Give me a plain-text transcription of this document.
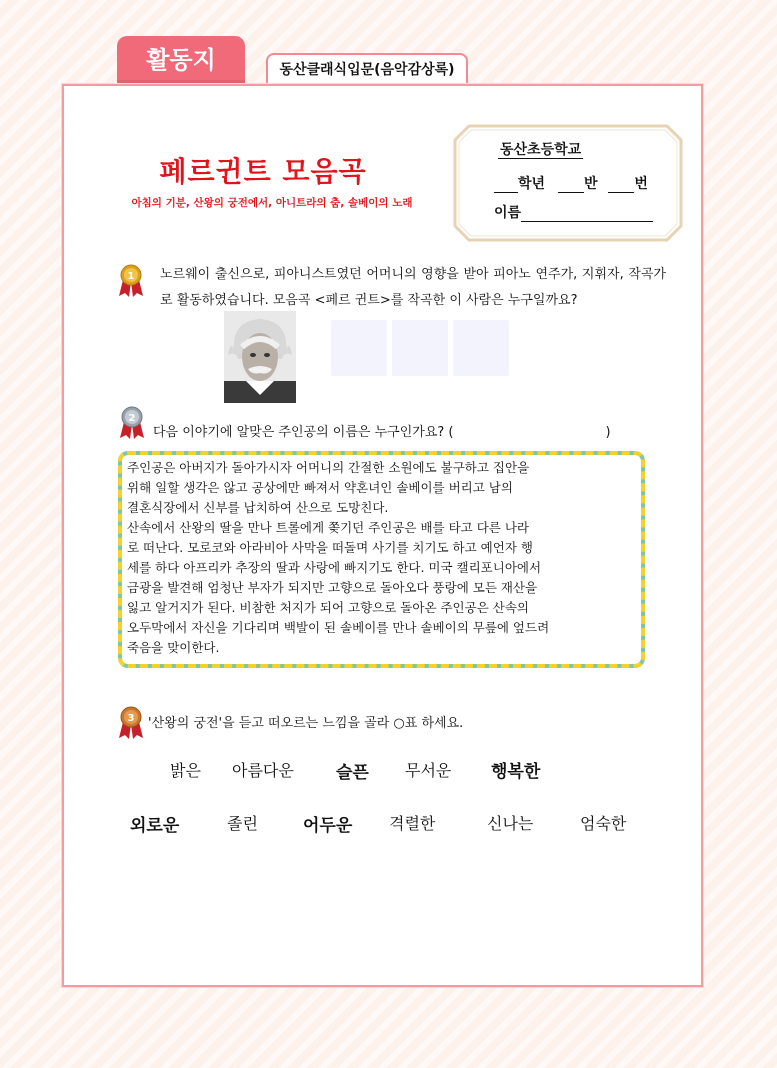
활동지	동산클래식입문(음악감상록)
페르귄트 모음곡
아침의 기분, 산왕의 궁전에서, 아니트라의 춤, 솔베이의 노래
동산초등학교
학년	반	번
이름
1 노르웨이 출신으로, 피아니스트였던 어머니의 영향을 받아 피아노 연주가, 지휘자, 작곡가로 활동하였습니다. 모음곡 <페르 귄트>를 작곡한 이 사람은 누구일까요?
2
다음 이야기에 알맞은 주인공의 이름은 누구인가요? (	)
주인공은 아버지가 돌아가시자 어머니의 간절한 소원에도 불구하고 집안을
위해 일할 생각은 않고 공상에만 빠져서 약혼녀인 솔베이를 버리고 남의
결혼식장에서 신부를 납치하여 산으로 도망친다.
산속에서 산왕의 딸을 만나 트롤에게 쫒기던 주인공은 배를 타고 다른 나라
로 떠난다. 모로코와 아라비아 사막을 떠돌며 사기를 치기도 하고 예언자 행
세를 하다 아프리카 추장의 딸과 사랑에 빠지기도 한다. 미국 캘리포니아에서
금광을 발견해 엄청난 부자가 되지만 고향으로 돌아오다 풍랑에 모든 재산을
잃고 알거지가 된다. 비참한 처지가 되어 고향으로 돌아온 주인공은 산속의
오두막에서 자신을 기다리며 백발이 된 솔베이를 만나 솔베이의 무릎에 엎드려
죽음을 맞이한다.
3 '산왕의 궁전'을 듣고 떠오르는 느낌을 골라 ○표 하세요.
밝은 아름다운 슬픈 무서운 행복한
외로운	졸린	어두운 격렬한	신나는	엄숙한
